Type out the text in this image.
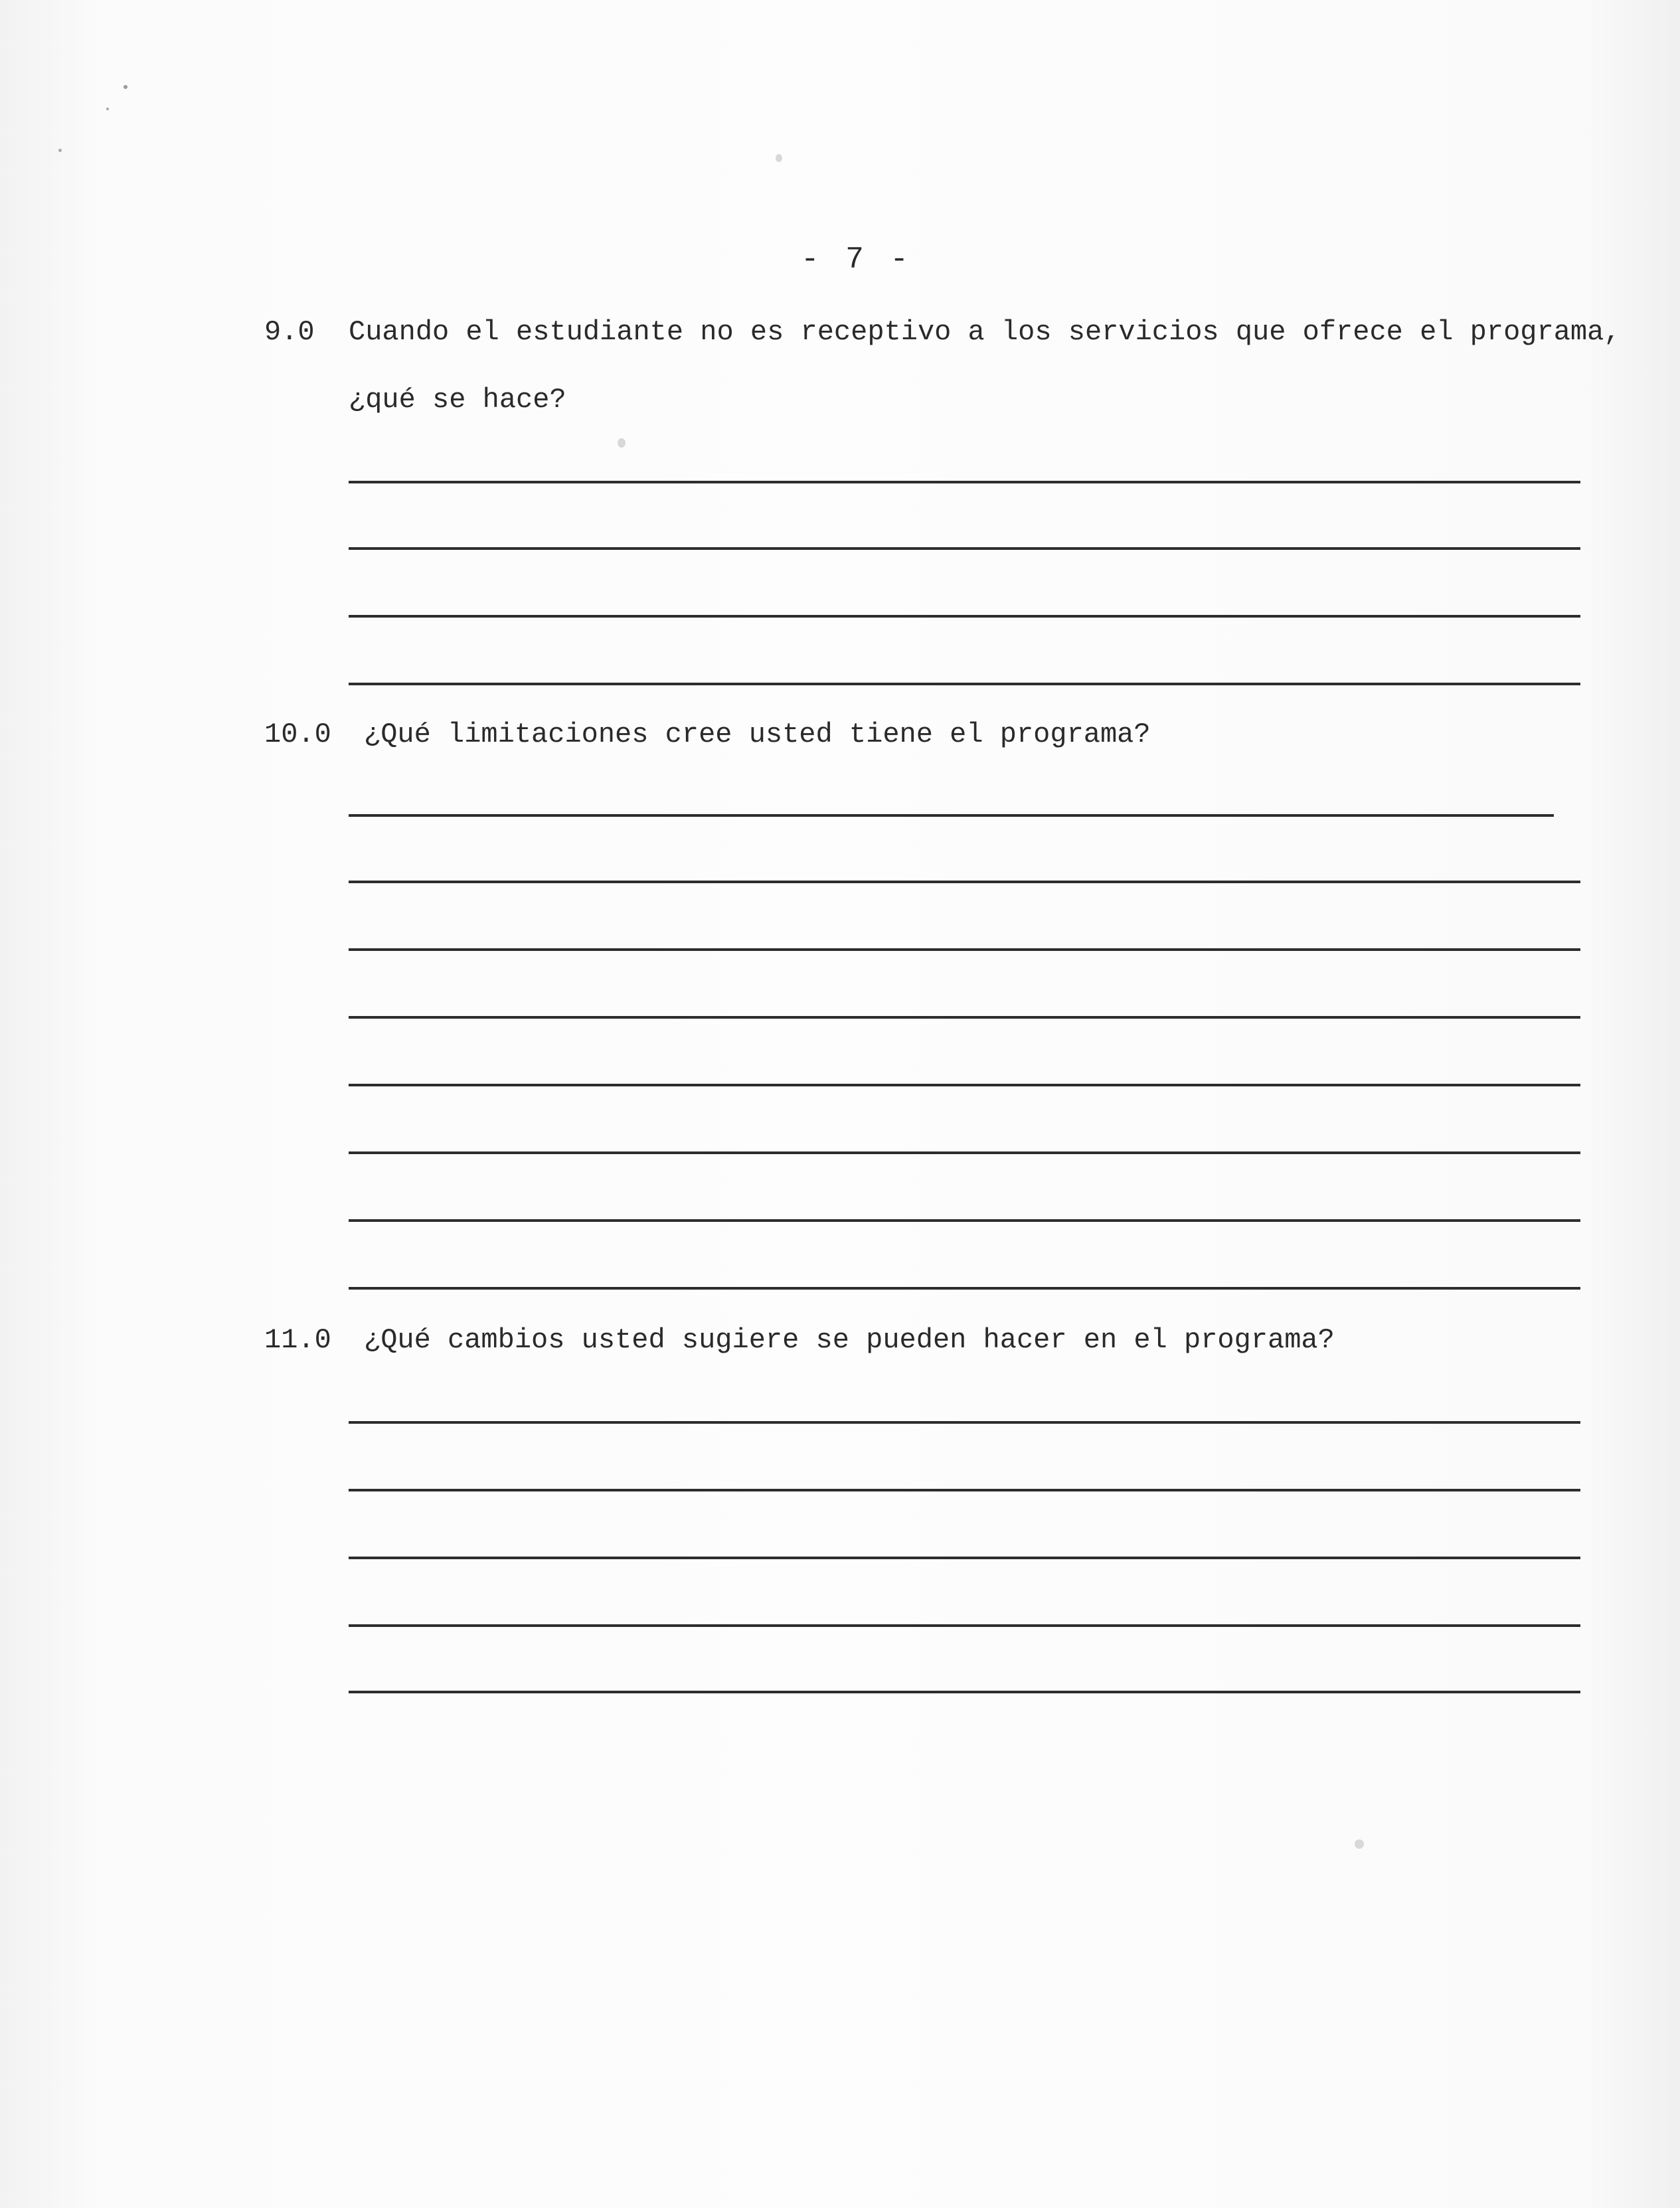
- 7 -
9.0 Cuando el estudiante no es receptivo a los servicios que ofrece el programa,
¿qué se hace?
10.0 ¿Qué limitaciones cree usted tiene el programa?
11.0 ¿Qué cambios usted sugiere se pueden hacer en el programa?
